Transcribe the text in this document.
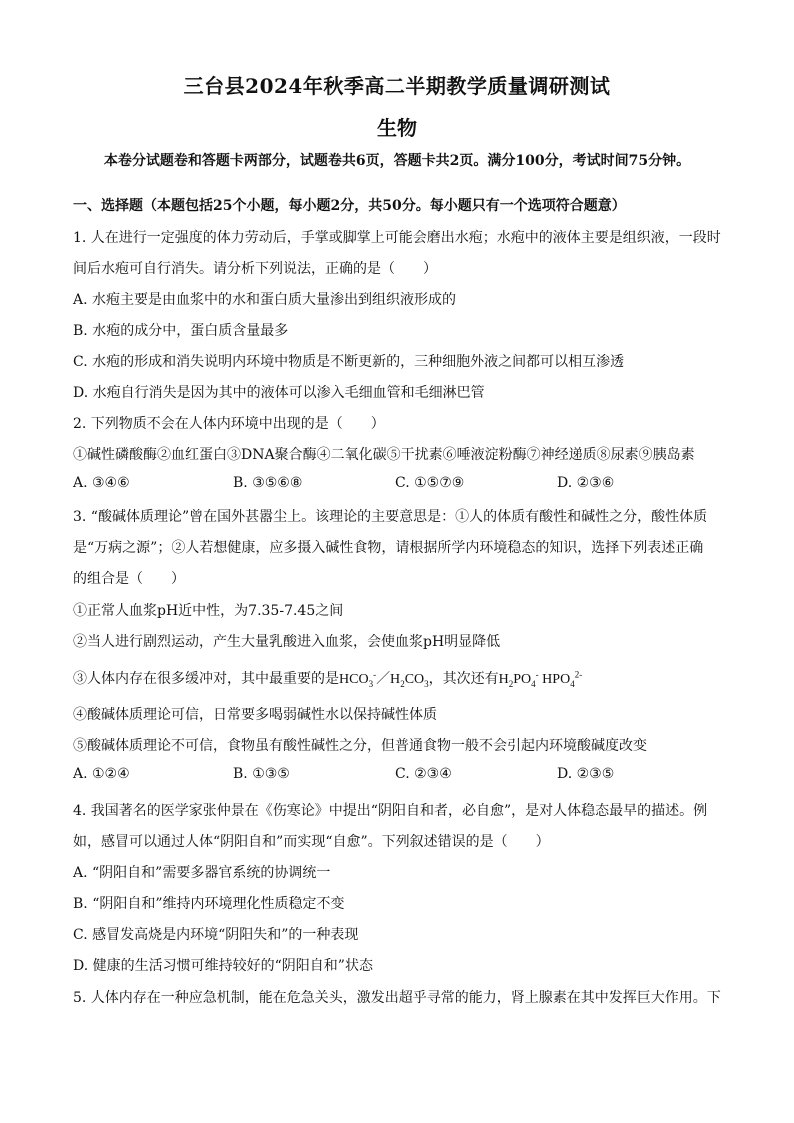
三台县2024年秋季高二半期教学质量调研测试
生物
本卷分试题卷和答题卡两部分，试题卷共6页，答题卡共2页。满分100分，考试时间75分钟。
一、选择题（本题包括25个小题，每小题2分，共50分。每小题只有一个选项符合题意）
1. 人在进行一定强度的体力劳动后，手掌或脚掌上可能会磨出水疱；水疱中的液体主要是组织液，一段时
间后水疱可自行消失。请分析下列说法，正确的是（　　）
A. 水疱主要是由血浆中的水和蛋白质大量渗出到组织液形成的
B. 水疱的成分中，蛋白质含量最多
C. 水疱的形成和消失说明内环境中物质是不断更新的，三种细胞外液之间都可以相互渗透
D. 水疱自行消失是因为其中的液体可以渗入毛细血管和毛细淋巴管
2. 下列物质不会在人体内环境中出现的是（　　）
①碱性磷酸酶②血红蛋白③DNA聚合酶④二氧化碳⑤干扰素⑥唾液淀粉酶⑦神经递质⑧尿素⑨胰岛素
A. ③④⑥	B. ③⑤⑥⑧	C. ①⑤⑦⑨	D. ②③⑥
3. “酸碱体质理论”曾在国外甚嚣尘上。该理论的主要意思是：①人的体质有酸性和碱性之分，酸性体质
是“万病之源”；②人若想健康，应多摄入碱性食物，请根据所学内环境稳态的知识，选择下列表述正确
的组合是（　　）
①正常人血浆pH近中性，为7.35-7.45之间
②当人进行剧烈运动，产生大量乳酸进入血浆，会使血浆pH明显降低
③人体内存在很多缓冲对，其中最重要的是$HCO_3^-/H_2CO_3$，其次还有$H_2PO_4^-$ $HPO_4^{2-}$
④酸碱体质理论可信，日常要多喝弱碱性水以保持碱性体质
⑤酸碱体质理论不可信，食物虽有酸性碱性之分，但普通食物一般不会引起内环境酸碱度改变
A. ①②④	B. ①③⑤	C. ②③④	D. ②③⑤
4. 我国著名的医学家张仲景在《伤寒论》中提出“阴阳自和者，必自愈”，是对人体稳态最早的描述。例
如，感冒可以通过人体“阴阳自和”而实现“自愈”。下列叙述错误的是（　　）
A. “阴阳自和”需要多器官系统的协调统一
B. “阴阳自和”维持内环境理化性质稳定不变
C. 感冒发高烧是内环境“阴阳失和”的一种表现
D. 健康的生活习惯可维持较好的“阴阳自和”状态
5. 人体内存在一种应急机制，能在危急关头，激发出超乎寻常的能力，肾上腺素在其中发挥巨大作用。下
